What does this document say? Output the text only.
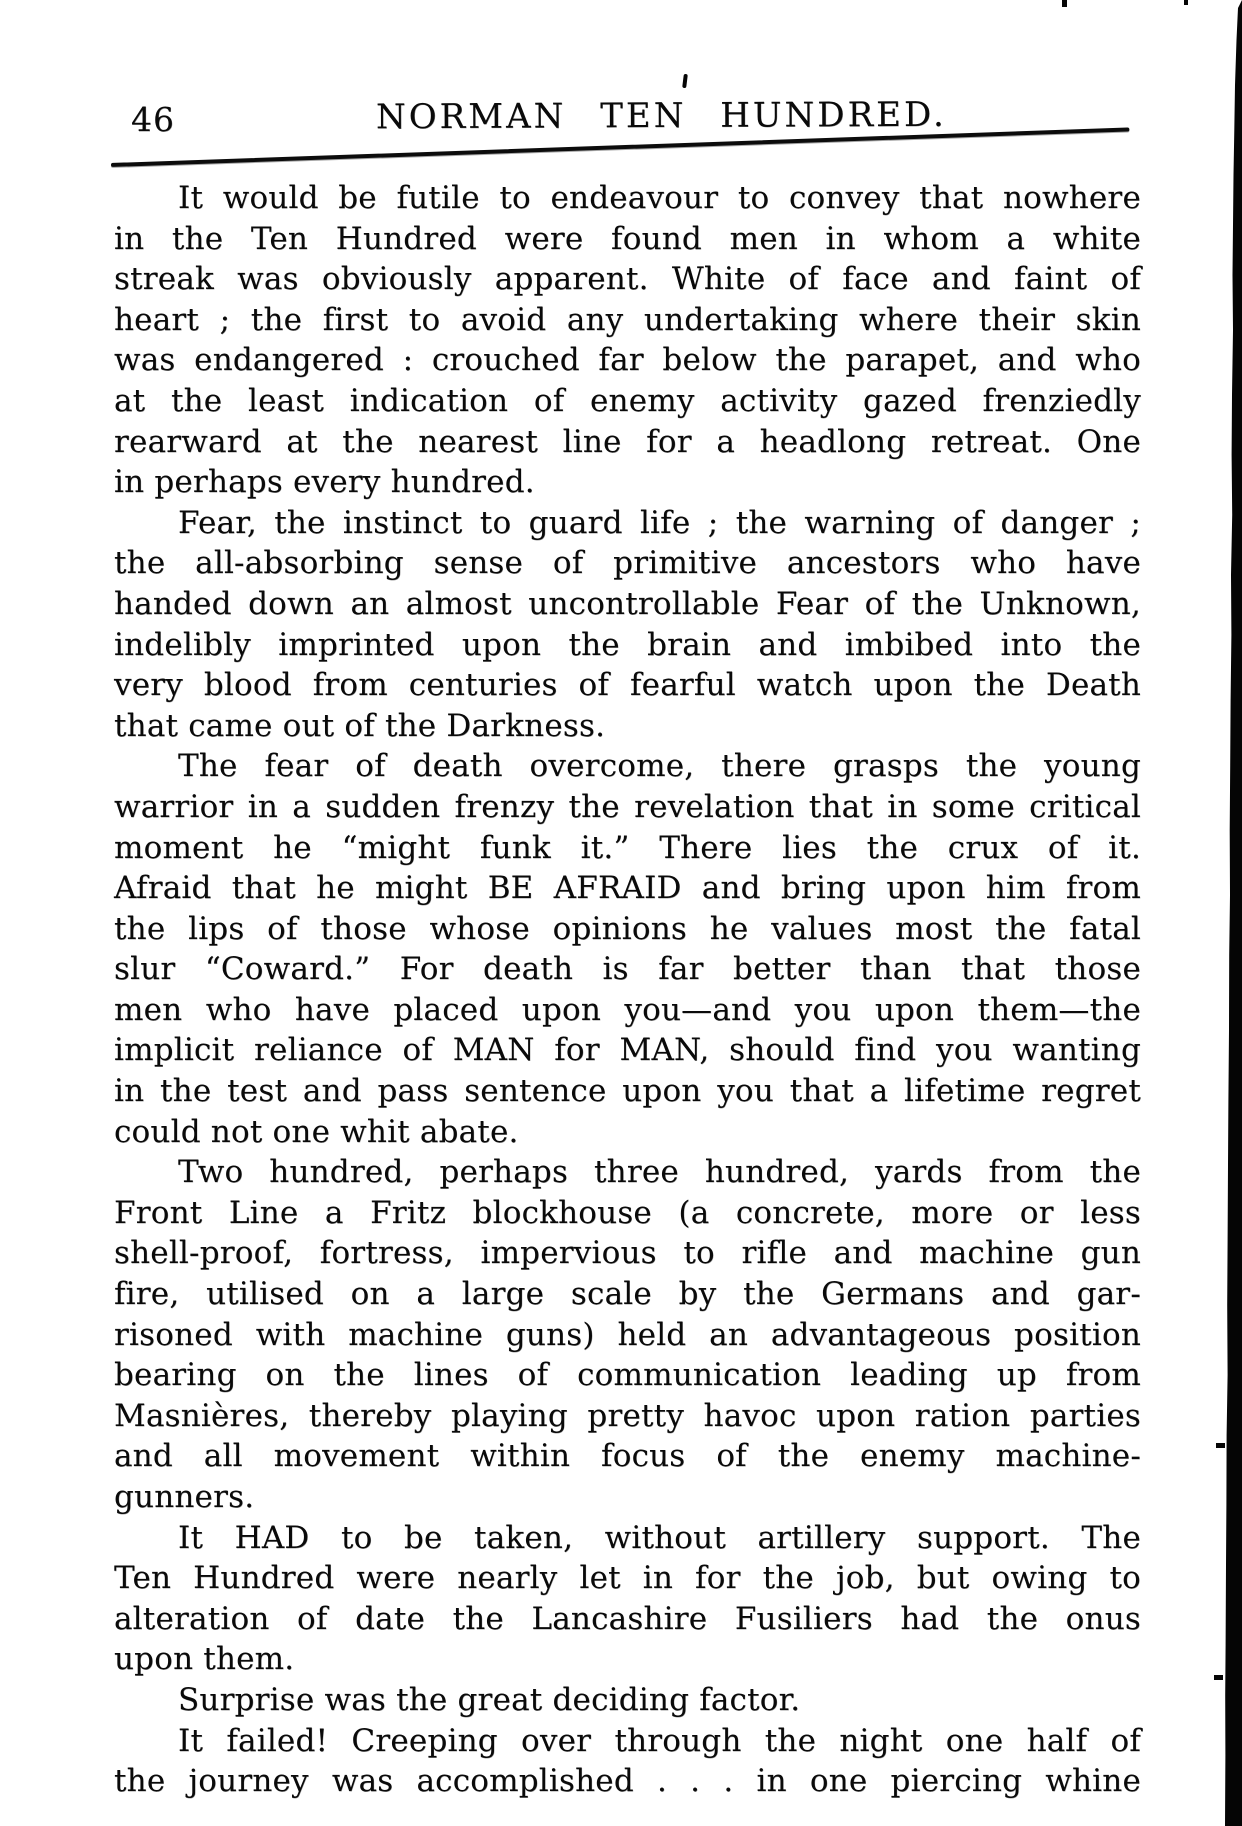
46	NORMAN TEN HUNDRED.
It would be futile to endeavour to convey that nowhere
in the Ten Hundred were found men in whom a white
streak was obviously apparent. White of face and faint of
heart ; the first to avoid any undertaking where their skin
was endangered : crouched far below the parapet, and who
at the least indication of enemy activity gazed frenziedly
rearward at the nearest line for a headlong retreat. One
in perhaps every hundred.
Fear, the instinct to guard life ; the warning of danger ;
the all-absorbing sense of primitive ancestors who have
handed down an almost uncontrollable Fear of the Unknown,
indelibly imprinted upon the brain and imbibed into the
very blood from centuries of fearful watch upon the Death
that came out of the Darkness.
The fear of death overcome, there grasps the young
warrior in a sudden frenzy the revelation that in some critical
moment he “might funk it.” There lies the crux of it.
Afraid that he might BE AFRAID and bring upon him from
the lips of those whose opinions he values most the fatal
slur “Coward.” For death is far better than that those
men who have placed upon you—and you upon them—the
implicit reliance of MAN for MAN, should find you wanting
in the test and pass sentence upon you that a lifetime regret
could not one whit abate.
Two hundred, perhaps three hundred, yards from the
Front Line a Fritz blockhouse (a concrete, more or less
shell-proof, fortress, impervious to rifle and machine gun
fire, utilised on a large scale by the Germans and gar-
risoned with machine guns) held an advantageous position
bearing on the lines of communication leading up from
Masnières, thereby playing pretty havoc upon ration parties
and all movement within focus of the enemy machine-
gunners.
It HAD to be taken, without artillery support. The
Ten Hundred were nearly let in for the job, but owing to
alteration of date the Lancashire Fusiliers had the onus
upon them.
Surprise was the great deciding factor.
It failed! Creeping over through the night one half of
the journey was accomplished . . . in one piercing whine
